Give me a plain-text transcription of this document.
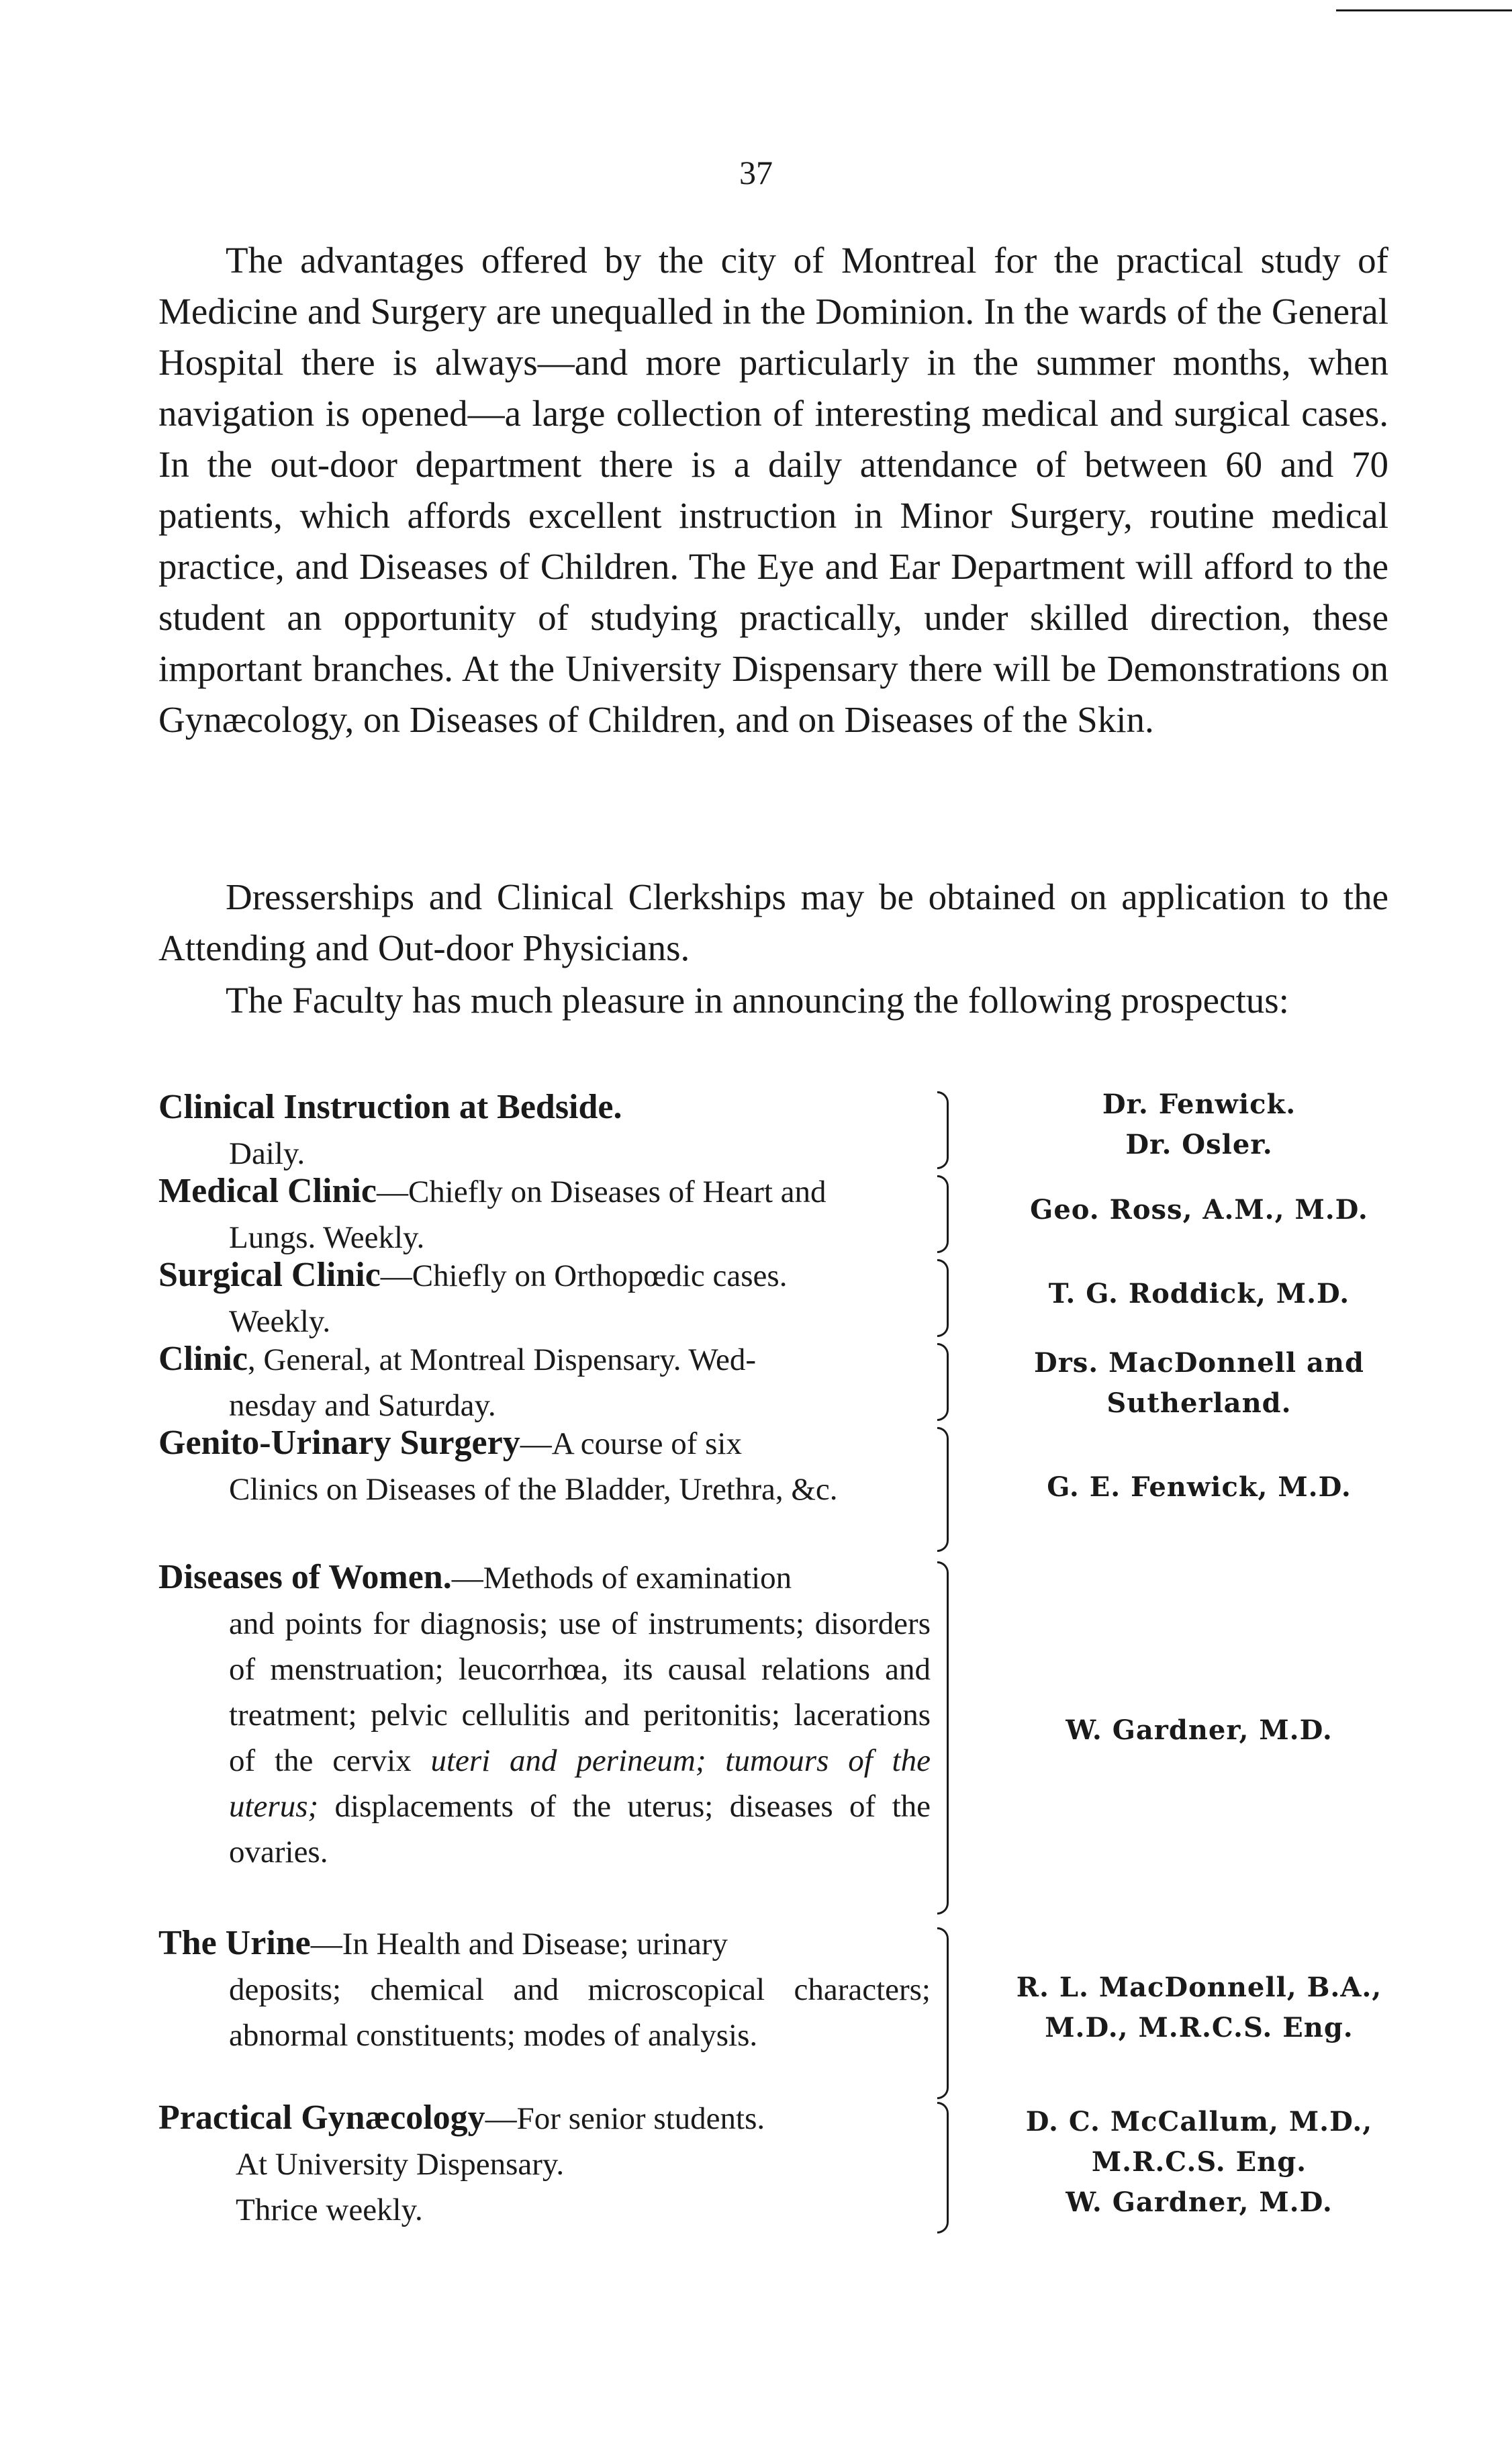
37

The advantages offered by the city of Montreal for the practical study of Medicine and Surgery are unequalled in the Dominion. In the wards of the General Hospital there is always—and more particularly in the summer months, when navigation is opened—a large collection of interesting medical and surgical cases. In the out-door department there is a daily attendance of between 60 and 70 patients, which affords excellent instruction in Minor Surgery, routine medical practice, and Diseases of Children. The Eye and Ear Department will afford to the student an opportunity of studying practically, under skilled direction, these important branches. At the University Dispensary there will be Demonstrations on Gynæcology, on Diseases of Children, and on Diseases of the Skin.

Dresserships and Clinical Clerkships may be obtained on application to the Attending and Out-door Physicians.

The Faculty has much pleasure in announcing the following prospectus:

Clinical Instruction at Bedside.
Daily.
Dr. Fenwick.
Dr. Osler.
Medical Clinic—Chiefly on Diseases of Heart and
Lungs. Weekly.
Geo. Ross, A.M., M.D.
Surgical Clinic—Chiefly on Orthopœdic cases.
Weekly.
T. G. Roddick, M.D.
Clinic, General, at Montreal Dispensary. Wed-
nesday and Saturday.
Drs. MacDonnell and
Sutherland.
Genito-Urinary Surgery—A course of six
Clinics on Diseases of the Bladder, Urethra, &c.	G. E. Fenwick, M.D.
Diseases of Women.—Methods of examination
and points for diagnosis; use of instruments; disorders of menstruation; leucorrhœa, its causal relations and treatment; pelvic cellulitis and peritonitis; lacerations of the cervix uteri and perineum; tumours of the uterus; displacements of the uterus; diseases of the ovaries.
W. Gardner, M.D.
The Urine—In Health and Disease; urinary
deposits; chemical and microscopical characters; abnormal constituents; modes of analysis.
R. L. MacDonnell, B.A.,
M.D., M.R.C.S. Eng.
Practical Gynæcology—For senior students.
At University Dispensary.
Thrice weekly.
D. C. McCallum, M.D.,
M.R.C.S. Eng.
W. Gardner, M.D.
